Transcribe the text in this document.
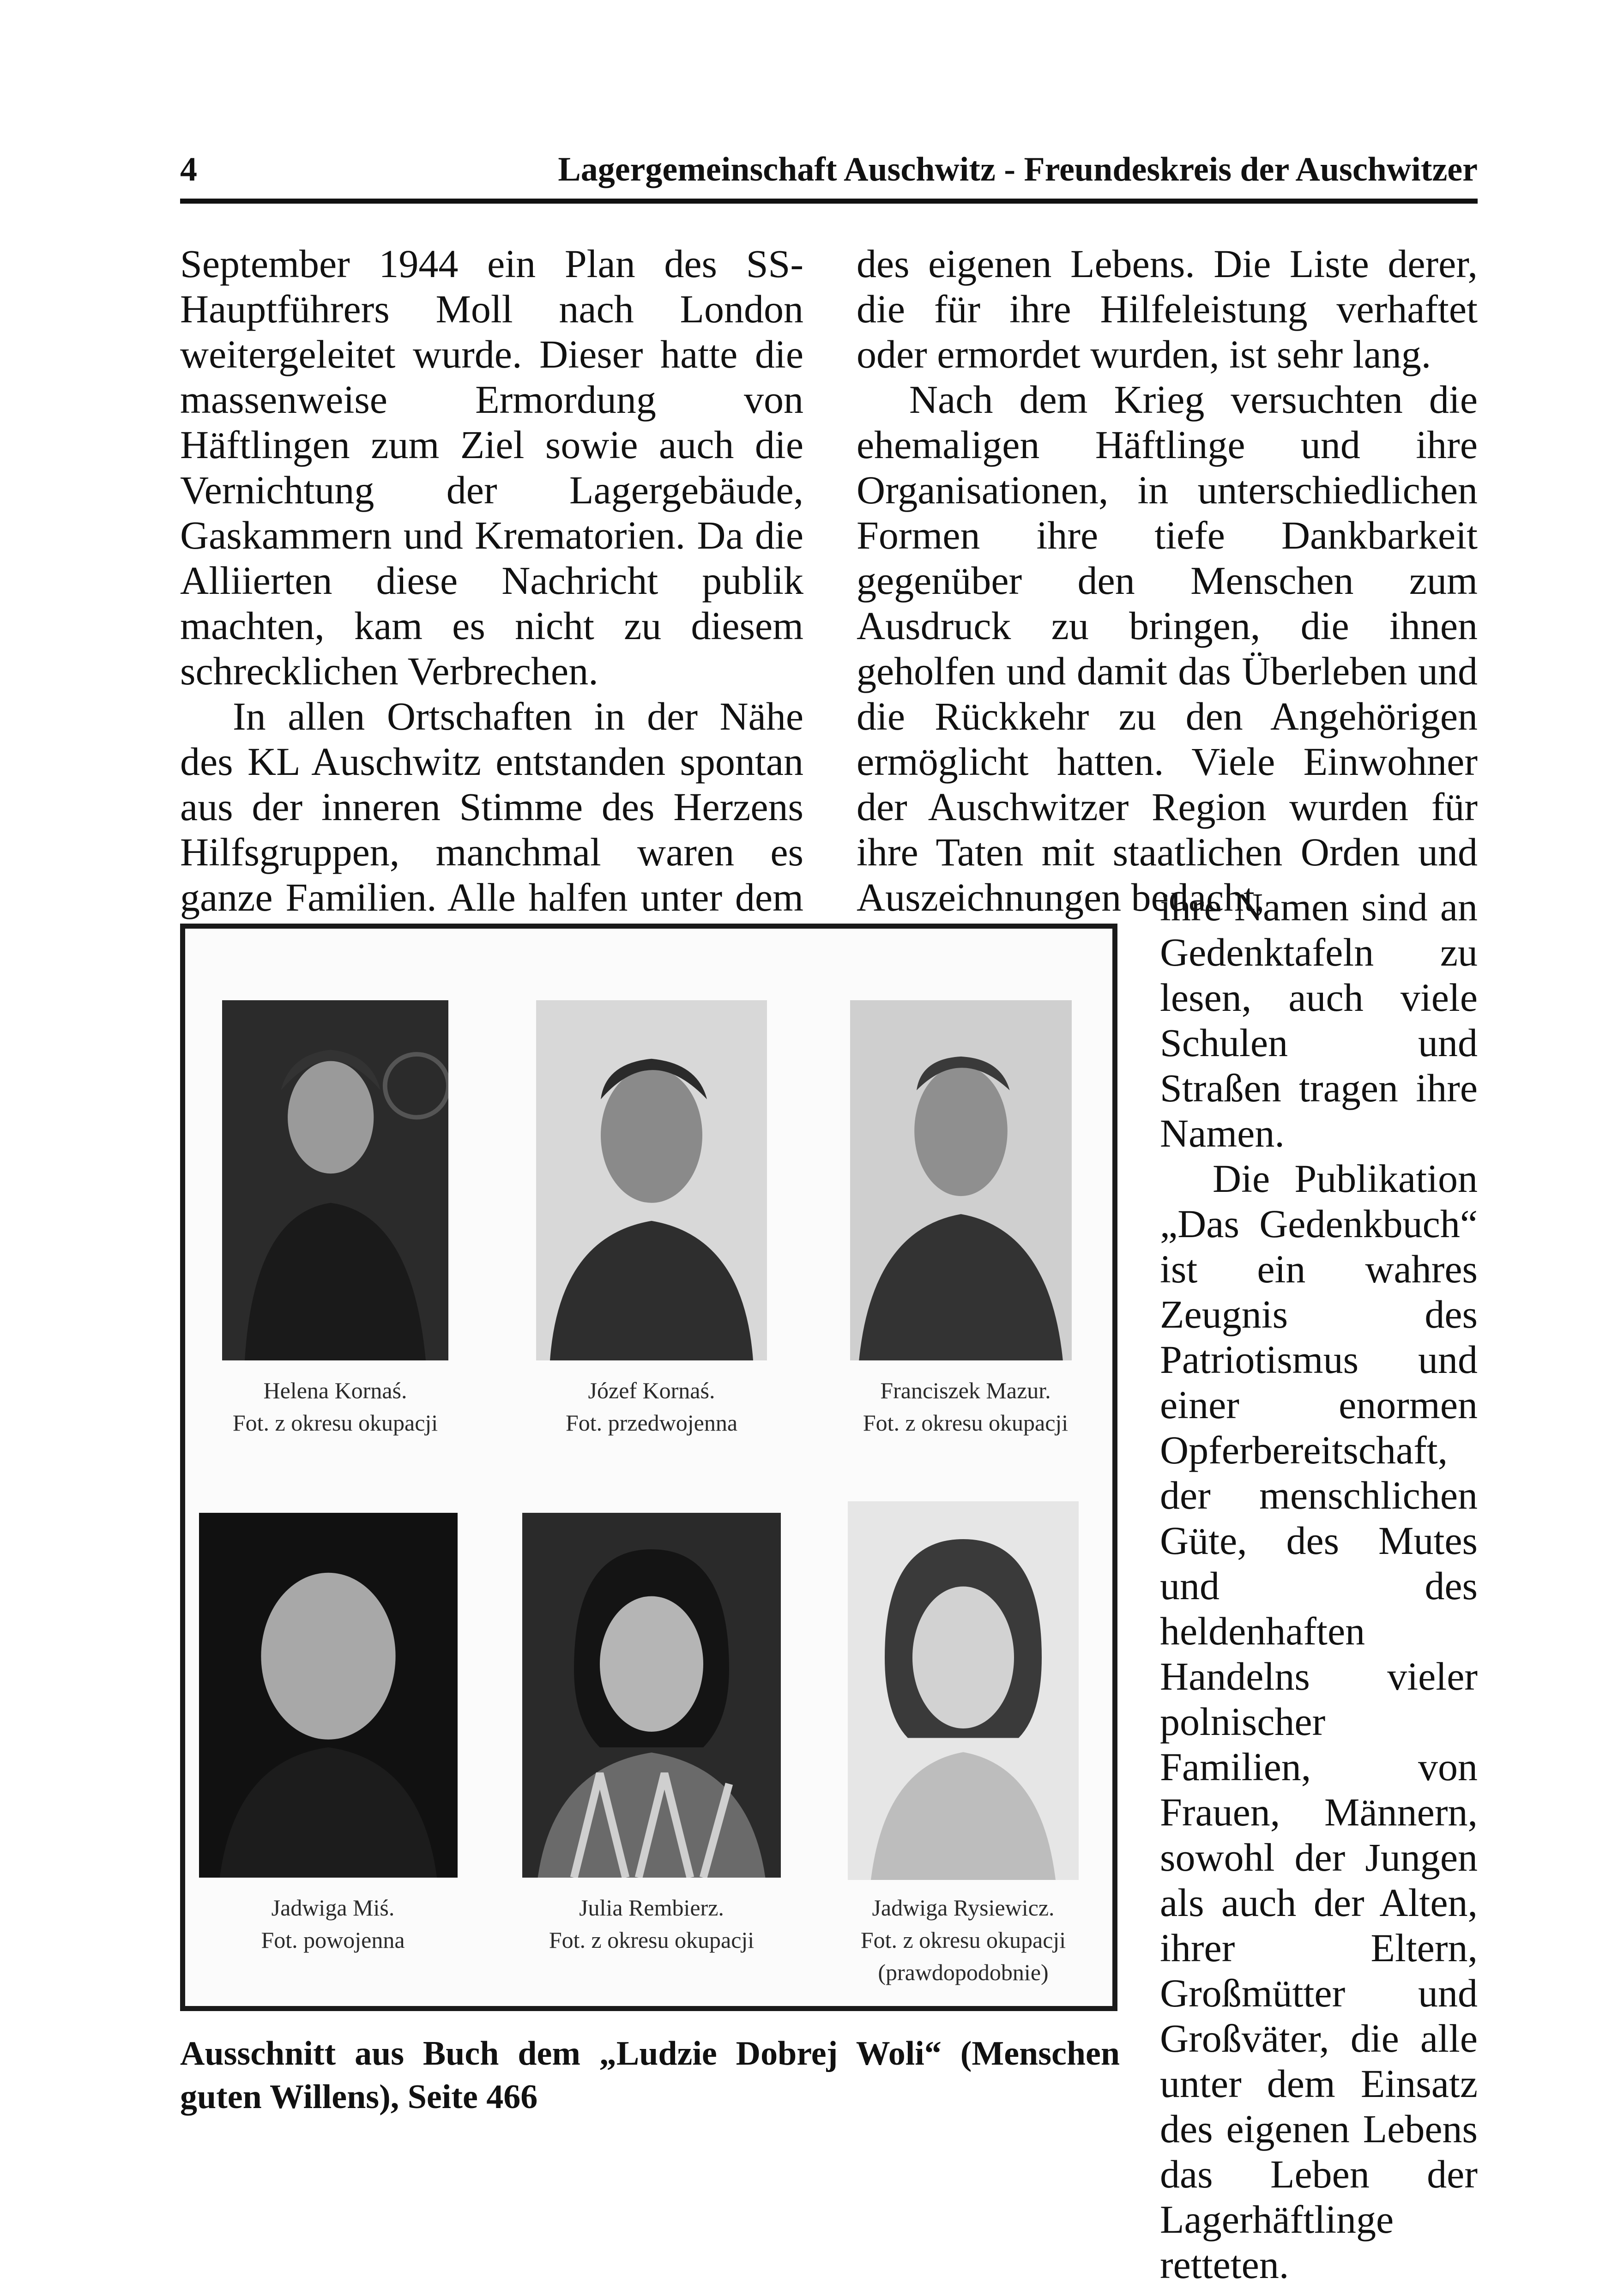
4	Lagergemeinschaft Auschwitz - Freundeskreis der Auschwitzer

September 1944 ein Plan des SS-Hauptführers Moll nach London weitergeleitet wurde. Dieser hatte die massenweise Ermordung von Häftlingen zum Ziel sowie auch die Vernichtung der Lagergebäude, Gaskammern und Krematorien. Da die Alliierten diese Nachricht publik machten, kam es nicht zu diesem schrecklichen Verbrechen.

In allen Ortschaften in der Nähe des KL Auschwitz entstanden spontan aus der inneren Stimme des Herzens Hilfsgruppen, manchmal waren es ganze Familien. Alle halfen unter dem

des eigenen Lebens. Die Liste derer, die für ihre Hilfeleistung verhaftet oder ermordet wurden, ist sehr lang.

Nach dem Krieg versuchten die ehemaligen Häftlinge und ihre Organisationen, in unterschiedlichen Formen ihre tiefe Dankbarkeit gegenüber den Menschen zum Ausdruck zu bringen, die ihnen geholfen und damit das Überleben und die Rückkehr zu den Angehörigen ermöglicht hatten. Viele Einwohner der Auschwitzer Region wurden für ihre Taten mit staatlichen Orden und Auszeichnungen bedacht,

ihre Namen sind an Gedenktafeln zu lesen, auch viele Schulen und Straßen tragen ihre Namen.

Die Publikation „Das Gedenkbuch“ ist ein wahres Zeugnis des Patriotismus und einer enormen Opferbereitschaft, der menschlichen Güte, des Mutes und des heldenhaften Handelns vieler polnischer Familien, von Frauen, Männern, sowohl der Jungen als auch der Alten, ihrer Eltern, Großmütter und Großväter, die alle unter dem Einsatz des eigenen Lebens das Leben der Lagerhäftlinge retteten.

Helena Kornaś.
Fot. z okresu okupacji
Józef Kornaś.
Fot. przedwojenna
Franciszek Mazur.
Fot. z okresu okupacji
Jadwiga Miś.
Fot. powojenna
Julia Rembierz.
Fot. z okresu okupacji
Jadwiga Rysiewicz.
Fot. z okresu okupacji
(prawdopodobnie)

Ausschnitt aus Buch dem „Ludzie Dobrej Woli“ (Menschen guten Willens), Seite 466
